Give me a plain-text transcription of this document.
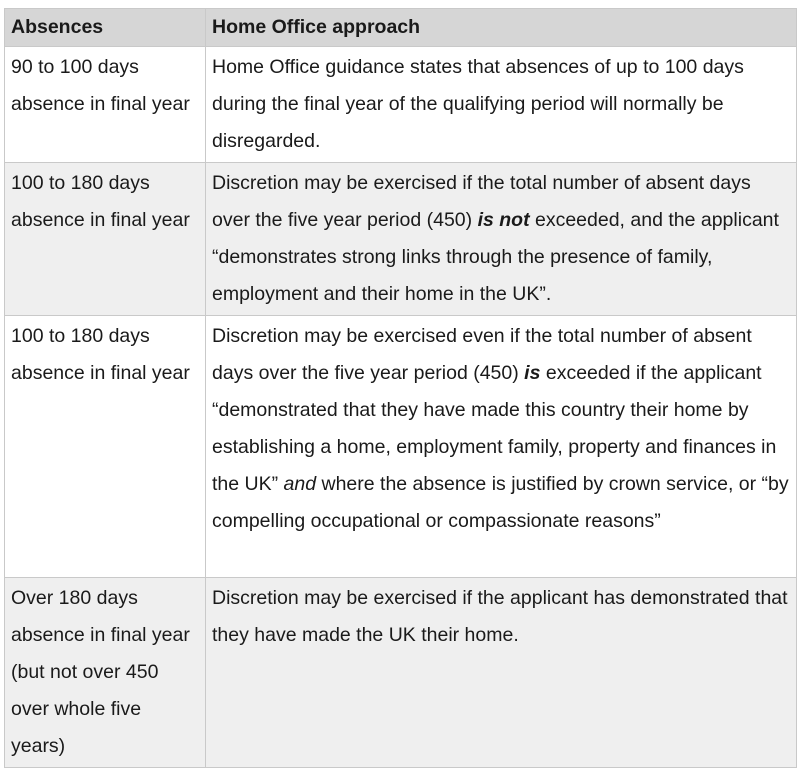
Absences	Home Office approach
90 to 100 days absence in final year	Home Office guidance states that absences of up to 100 days during the final year of the qualifying period will normally be disregarded.
100 to 180 days absence in final year	Discretion may be exercised if the total number of absent days over the five year period (450) is not exceeded, and the applicant “demonstrates strong links through the presence of family, employment and their home in the UK”.
100 to 180 days absence in final year	Discretion may be exercised even if the total number of absent days over the five year period (450) is exceeded if the applicant “demonstrated that they have made this country their home by establishing a home, employment family, property and finances in the UK” and where the absence is justified by crown service, or “by compelling occupational or compassionate reasons”
Over 180 days absence in final year (but not over 450 over whole five years)	Discretion may be exercised if the applicant has demonstrated that they have made the UK their home.
